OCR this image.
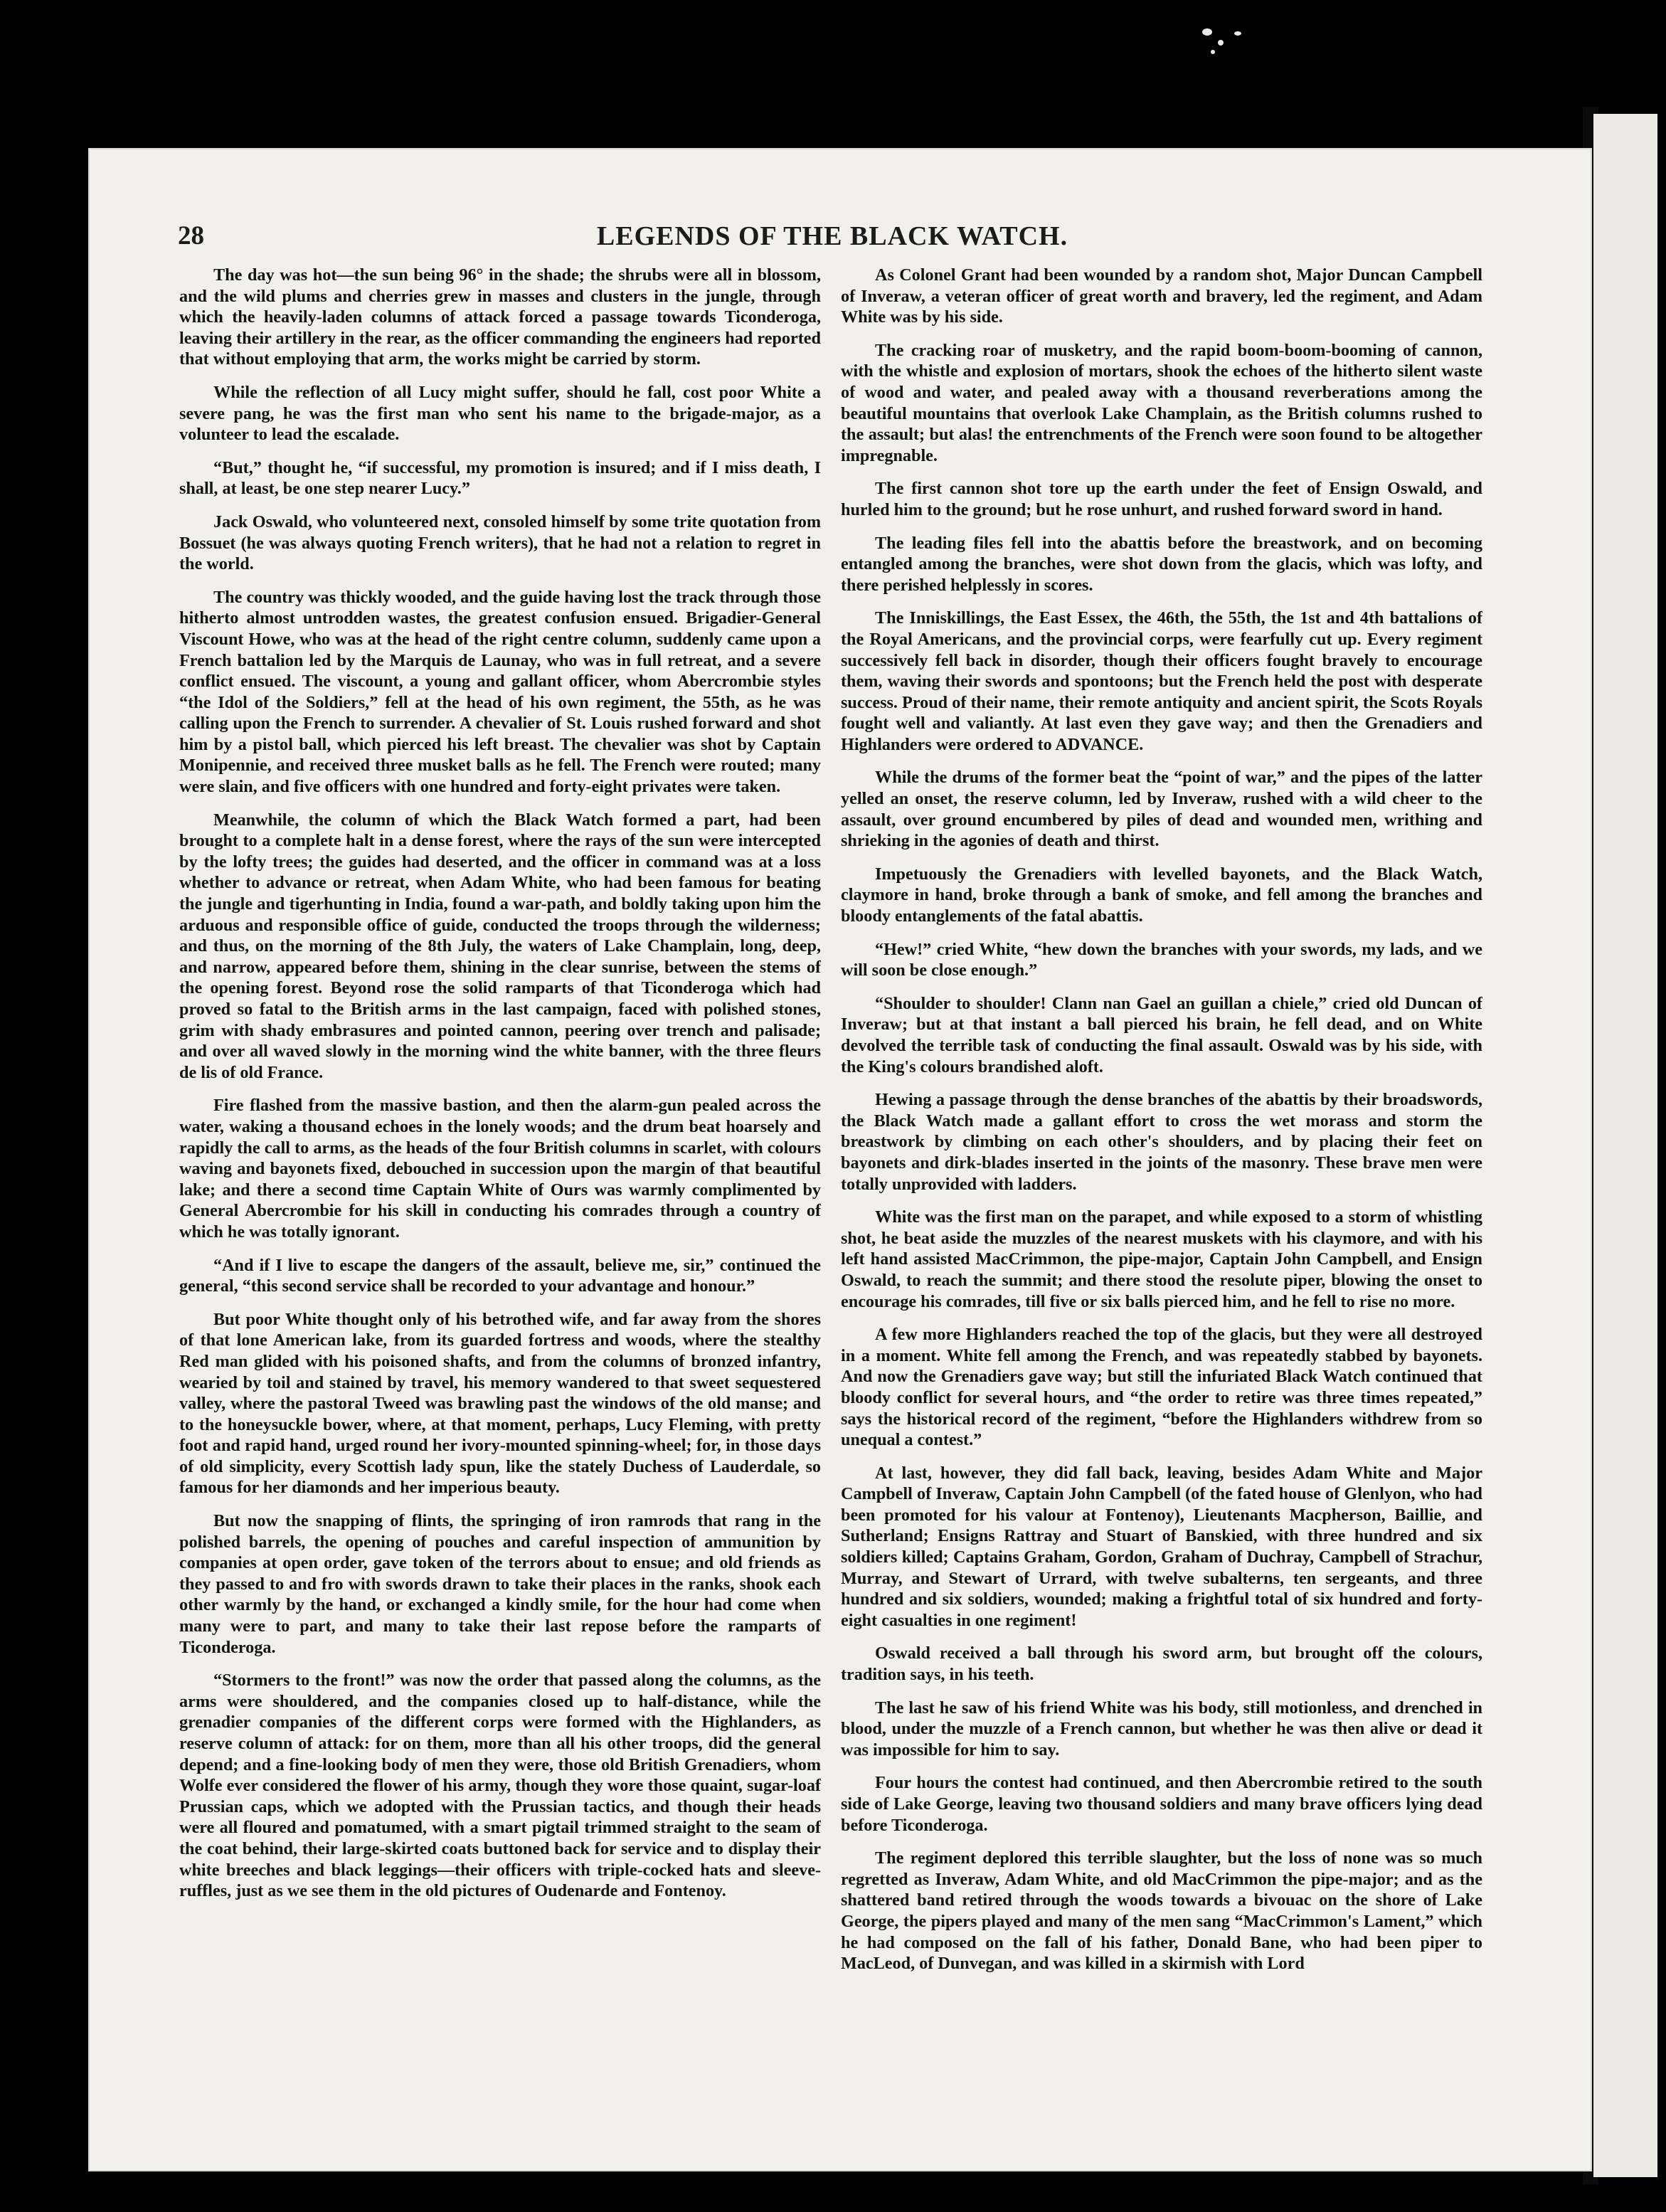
28	LEGENDS OF THE BLACK WATCH.

The day was hot—the sun being 96° in the shade; the shrubs were all in blossom, and the wild plums and cherries grew in masses and clusters in the jungle, through which the heavily-laden columns of attack forced a passage towards Ticonderoga, leaving their artillery in the rear, as the officer commanding the engineers had reported that without employing that arm, the works might be carried by storm.

While the reflection of all Lucy might suffer, should he fall, cost poor White a severe pang, he was the first man who sent his name to the brigade-major, as a volunteer to lead the escalade.

“But,” thought he, “if successful, my promotion is insured; and if I miss death, I shall, at least, be one step nearer Lucy.”

Jack Oswald, who volunteered next, consoled himself by some trite quotation from Bossuet (he was always quoting French writers), that he had not a relation to regret in the world.

The country was thickly wooded, and the guide having lost the track through those hitherto almost untrodden wastes, the greatest confusion ensued. Brigadier-General Viscount Howe, who was at the head of the right centre column, suddenly came upon a French battalion led by the Marquis de Launay, who was in full retreat, and a severe conflict ensued. The viscount, a young and gallant officer, whom Abercrombie styles “the Idol of the Soldiers,” fell at the head of his own regiment, the 55th, as he was calling upon the French to surrender. A chevalier of St. Louis rushed forward and shot him by a pistol ball, which pierced his left breast. The chevalier was shot by Captain Monipennie, and received three musket balls as he fell. The French were routed; many were slain, and five officers with one hundred and forty-eight privates were taken.

Meanwhile, the column of which the Black Watch formed a part, had been brought to a complete halt in a dense forest, where the rays of the sun were intercepted by the lofty trees; the guides had deserted, and the officer in command was at a loss whether to advance or retreat, when Adam White, who had been famous for beating the jungle and tigerhunting in India, found a war-path, and boldly taking upon him the arduous and responsible office of guide, conducted the troops through the wilderness; and thus, on the morning of the 8th July, the waters of Lake Champlain, long, deep, and narrow, appeared before them, shining in the clear sunrise, between the stems of the opening forest. Beyond rose the solid ramparts of that Ticonderoga which had proved so fatal to the British arms in the last campaign, faced with polished stones, grim with shady embrasures and pointed cannon, peering over trench and palisade; and over all waved slowly in the morning wind the white banner, with the three fleurs de lis of old France.

Fire flashed from the massive bastion, and then the alarm-gun pealed across the water, waking a thousand echoes in the lonely woods; and the drum beat hoarsely and rapidly the call to arms, as the heads of the four British columns in scarlet, with colours waving and bayonets fixed, debouched in succession upon the margin of that beautiful lake; and there a second time Captain White of Ours was warmly complimented by General Abercrombie for his skill in conducting his comrades through a country of which he was totally ignorant.

“And if I live to escape the dangers of the assault, believe me, sir,” continued the general, “this second service shall be recorded to your advantage and honour.”

But poor White thought only of his betrothed wife, and far away from the shores of that lone American lake, from its guarded fortress and woods, where the stealthy Red man glided with his poisoned shafts, and from the columns of bronzed infantry, wearied by toil and stained by travel, his memory wandered to that sweet sequestered valley, where the pastoral Tweed was brawling past the windows of the old manse; and to the honeysuckle bower, where, at that moment, perhaps, Lucy Fleming, with pretty foot and rapid hand, urged round her ivory-mounted spinning-wheel; for, in those days of old simplicity, every Scottish lady spun, like the stately Duchess of Lauderdale, so famous for her diamonds and her imperious beauty.

But now the snapping of flints, the springing of iron ramrods that rang in the polished barrels, the opening of pouches and careful inspection of ammunition by companies at open order, gave token of the terrors about to ensue; and old friends as they passed to and fro with swords drawn to take their places in the ranks, shook each other warmly by the hand, or exchanged a kindly smile, for the hour had come when many were to part, and many to take their last repose before the ramparts of Ticonderoga.

“Stormers to the front!” was now the order that passed along the columns, as the arms were shouldered, and the companies closed up to half-distance, while the grenadier companies of the different corps were formed with the Highlanders, as reserve column of attack: for on them, more than all his other troops, did the general depend; and a fine-looking body of men they were, those old British Grenadiers, whom Wolfe ever considered the flower of his army, though they wore those quaint, sugar-loaf Prussian caps, which we adopted with the Prussian tactics, and though their heads were all floured and pomatumed, with a smart pigtail trimmed straight to the seam of the coat behind, their large-skirted coats buttoned back for service and to display their white breeches and black leggings—their officers with triple-cocked hats and sleeve-ruffles, just as we see them in the old pictures of Oudenarde and Fontenoy.

As Colonel Grant had been wounded by a random shot, Major Duncan Campbell of Inveraw, a veteran officer of great worth and bravery, led the regiment, and Adam White was by his side.

The cracking roar of musketry, and the rapid boom-boom-booming of cannon, with the whistle and explosion of mortars, shook the echoes of the hitherto silent waste of wood and water, and pealed away with a thousand reverberations among the beautiful mountains that overlook Lake Champlain, as the British columns rushed to the assault; but alas! the entrenchments of the French were soon found to be altogether impregnable.

The first cannon shot tore up the earth under the feet of Ensign Oswald, and hurled him to the ground; but he rose unhurt, and rushed forward sword in hand.

The leading files fell into the abattis before the breastwork, and on becoming entangled among the branches, were shot down from the glacis, which was lofty, and there perished helplessly in scores.

The Inniskillings, the East Essex, the 46th, the 55th, the 1st and 4th battalions of the Royal Americans, and the provincial corps, were fearfully cut up. Every regiment successively fell back in disorder, though their officers fought bravely to encourage them, waving their swords and spontoons; but the French held the post with desperate success. Proud of their name, their remote antiquity and ancient spirit, the Scots Royals fought well and valiantly. At last even they gave way; and then the Grenadiers and Highlanders were ordered to ADVANCE.

While the drums of the former beat the “point of war,” and the pipes of the latter yelled an onset, the reserve column, led by Inveraw, rushed with a wild cheer to the assault, over ground encumbered by piles of dead and wounded men, writhing and shrieking in the agonies of death and thirst.

Impetuously the Grenadiers with levelled bayonets, and the Black Watch, claymore in hand, broke through a bank of smoke, and fell among the branches and bloody entanglements of the fatal abattis.

“Hew!” cried White, “hew down the branches with your swords, my lads, and we will soon be close enough.”

“Shoulder to shoulder! Clann nan Gael an guillan a chiele,” cried old Duncan of Inveraw; but at that instant a ball pierced his brain, he fell dead, and on White devolved the terrible task of conducting the final assault. Oswald was by his side, with the King's colours brandished aloft.

Hewing a passage through the dense branches of the abattis by their broadswords, the Black Watch made a gallant effort to cross the wet morass and storm the breastwork by climbing on each other's shoulders, and by placing their feet on bayonets and dirk-blades inserted in the joints of the masonry. These brave men were totally unprovided with ladders.

White was the first man on the parapet, and while exposed to a storm of whistling shot, he beat aside the muzzles of the nearest muskets with his claymore, and with his left hand assisted MacCrimmon, the pipe-major, Captain John Campbell, and Ensign Oswald, to reach the summit; and there stood the resolute piper, blowing the onset to encourage his comrades, till five or six balls pierced him, and he fell to rise no more.

A few more Highlanders reached the top of the glacis, but they were all destroyed in a moment. White fell among the French, and was repeatedly stabbed by bayonets. And now the Grenadiers gave way; but still the infuriated Black Watch continued that bloody conflict for several hours, and “the order to retire was three times repeated,” says the historical record of the regiment, “before the Highlanders withdrew from so unequal a contest.”

At last, however, they did fall back, leaving, besides Adam White and Major Campbell of Inveraw, Captain John Campbell (of the fated house of Glenlyon, who had been promoted for his valour at Fontenoy), Lieutenants Macpherson, Baillie, and Sutherland; Ensigns Rattray and Stuart of Banskied, with three hundred and six soldiers killed; Captains Graham, Gordon, Graham of Duchray, Campbell of Strachur, Murray, and Stewart of Urrard, with twelve subalterns, ten sergeants, and three hundred and six soldiers, wounded; making a frightful total of six hundred and forty-eight casualties in one regiment!

Oswald received a ball through his sword arm, but brought off the colours, tradition says, in his teeth.

The last he saw of his friend White was his body, still motionless, and drenched in blood, under the muzzle of a French cannon, but whether he was then alive or dead it was impossible for him to say.

Four hours the contest had continued, and then Abercrombie retired to the south side of Lake George, leaving two thousand soldiers and many brave officers lying dead before Ticonderoga.

The regiment deplored this terrible slaughter, but the loss of none was so much regretted as Inveraw, Adam White, and old MacCrimmon the pipe-major; and as the shattered band retired through the woods towards a bivouac on the shore of Lake George, the pipers played and many of the men sang “MacCrimmon's Lament,” which he had composed on the fall of his father, Donald Bane, who had been piper to MacLeod, of Dunvegan, and was killed in a skirmish with Lord
